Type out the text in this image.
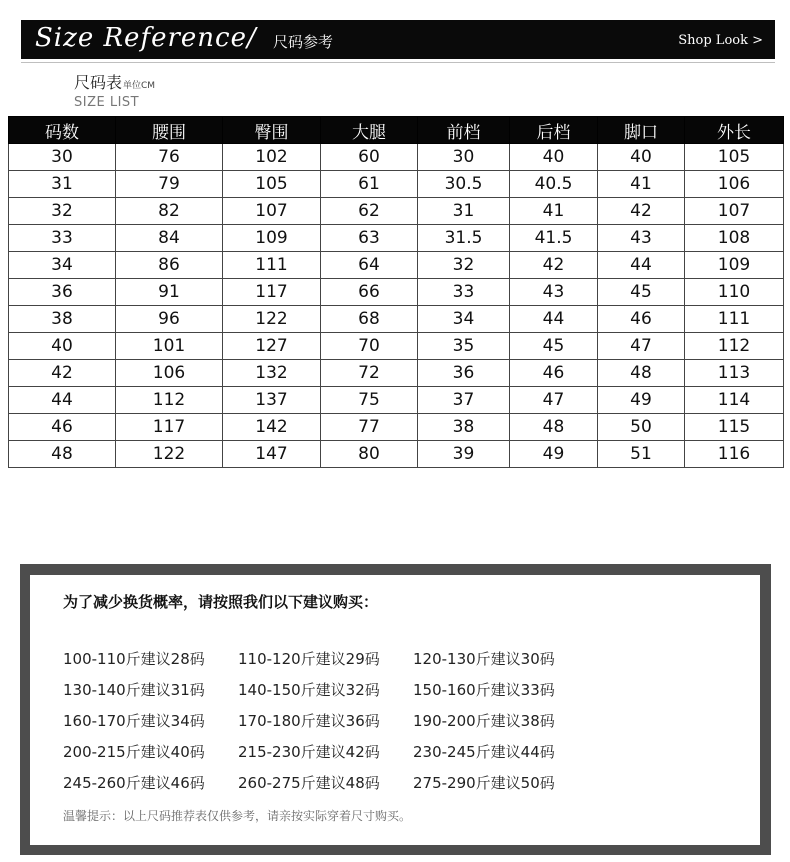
Size Reference/ 尺码参考	Shop Look >
尺码表单位CM
SIZE LIST
码数	腰围	臀围	大腿	前档	后档	脚口	外长
30	76	102	60	30	40	40	105
31	79	105	61	30.5	40.5	41	106
32	82	107	62	31	41	42	107
33	84	109	63	31.5	41.5	43	108
34	86	111	64	32	42	44	109
36	91	117	66	33	43	45	110
38	96	122	68	34	44	46	111
40	101	127	70	35	45	47	112
42	106	132	72	36	46	48	113
44	112	137	75	37	47	49	114
46	117	142	77	38	48	50	115
48	122	147	80	39	49	51	116
为了减少换货概率，请按照我们以下建议购买：
100-110斤建议28码 110-120斤建议29码 120-130斤建议30码
130-140斤建议31码 140-150斤建议32码 150-160斤建议33码
160-170斤建议34码 170-180斤建议36码 190-200斤建议38码
200-215斤建议40码 215-230斤建议42码 230-245斤建议44码
245-260斤建议46码 260-275斤建议48码 275-290斤建议50码
温馨提示：以上尺码推荐表仅供参考，请亲按实际穿着尺寸购买。
